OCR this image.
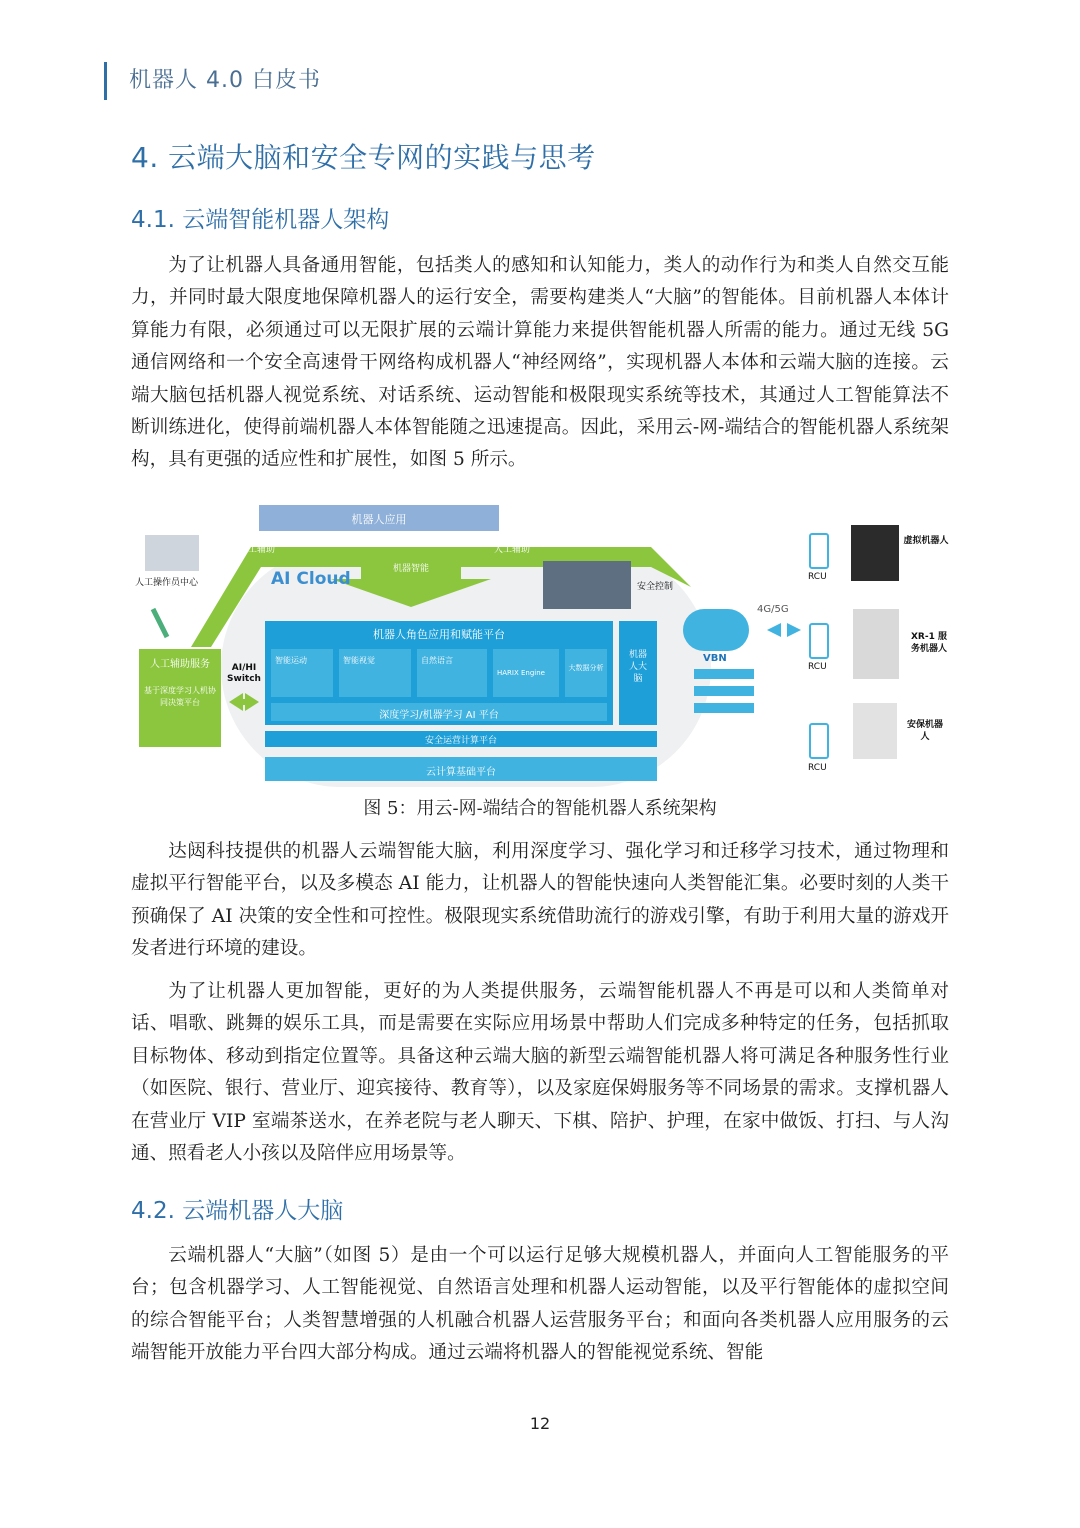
机器人 4.0 白皮书
4. 云端大脑和安全专网的实践与思考
4.1. 云端智能机器人架构
为了让机器人具备通用智能，包括类人的感知和认知能力，类人的动作行为和类人自然交互能力，并同时最大限度地保障机器人的运行安全，需要构建类人“大脑”的智能体。目前机器人本体计算能力有限，必须通过可以无限扩展的云端计算能力来提供智能机器人所需的能力。通过无线 5G 通信网络和一个安全高速骨干网络构成机器人“神经网络”，实现机器人本体和云端大脑的连接。云端大脑包括机器人视觉系统、对话系统、运动智能和极限现实系统等技术，其通过人工智能算法不断训练进化，使得前端机器人本体智能随之迅速提高。因此，采用云-网-端结合的智能机器人系统架构，具有更强的适应性和扩展性，如图 5 所示。
机器人应用
人工辅助	人工辅助
机器智能
AI Cloud
人工操作员中心	安全控制
人工辅助服务
基于深度学习人机协同决策平台
AI/HI Switch
机器人角色应用和赋能平台
智能运动	智能视觉	自然语言
HARIX Engine
大数据分析
深度学习/机器学习 AI 平台
机器人大脑
安全运营计算平台
云计算基础平台
VBN
4G/5G
RCU
RCU
RCU
虚拟机器人
XR-1 服务机器人
安保机器人
图 5：用云-网-端结合的智能机器人系统架构
达闼科技提供的机器人云端智能大脑，利用深度学习、强化学习和迁移学习技术，通过物理和虚拟平行智能平台，以及多模态 AI 能力，让机器人的智能快速向人类智能汇集。必要时刻的人类干预确保了 AI 决策的安全性和可控性。极限现实系统借助流行的游戏引擎，有助于利用大量的游戏开发者进行环境的建设。
为了让机器人更加智能，更好的为人类提供服务，云端智能机器人不再是可以和人类简单对话、唱歌、跳舞的娱乐工具，而是需要在实际应用场景中帮助人们完成多种特定的任务，包括抓取目标物体、移动到指定位置等。具备这种云端大脑的新型云端智能机器人将可满足各种服务性行业（如医院、银行、营业厅、迎宾接待、教育等），以及家庭保姆服务等不同场景的需求。支撑机器人在营业厅 VIP 室端茶送水，在养老院与老人聊天、下棋、陪护、护理，在家中做饭、打扫、与人沟通、照看老人小孩以及陪伴应用场景等。
4.2. 云端机器人大脑
云端机器人“大脑”（如图 5）是由一个可以运行足够大规模机器人，并面向人工智能服务的平台；包含机器学习、人工智能视觉、自然语言处理和机器人运动智能，以及平行智能体的虚拟空间的综合智能平台；人类智慧增强的人机融合机器人运营服务平台；和面向各类机器人应用服务的云端智能开放能力平台四大部分构成。通过云端将机器人的智能视觉系统、智能
12
